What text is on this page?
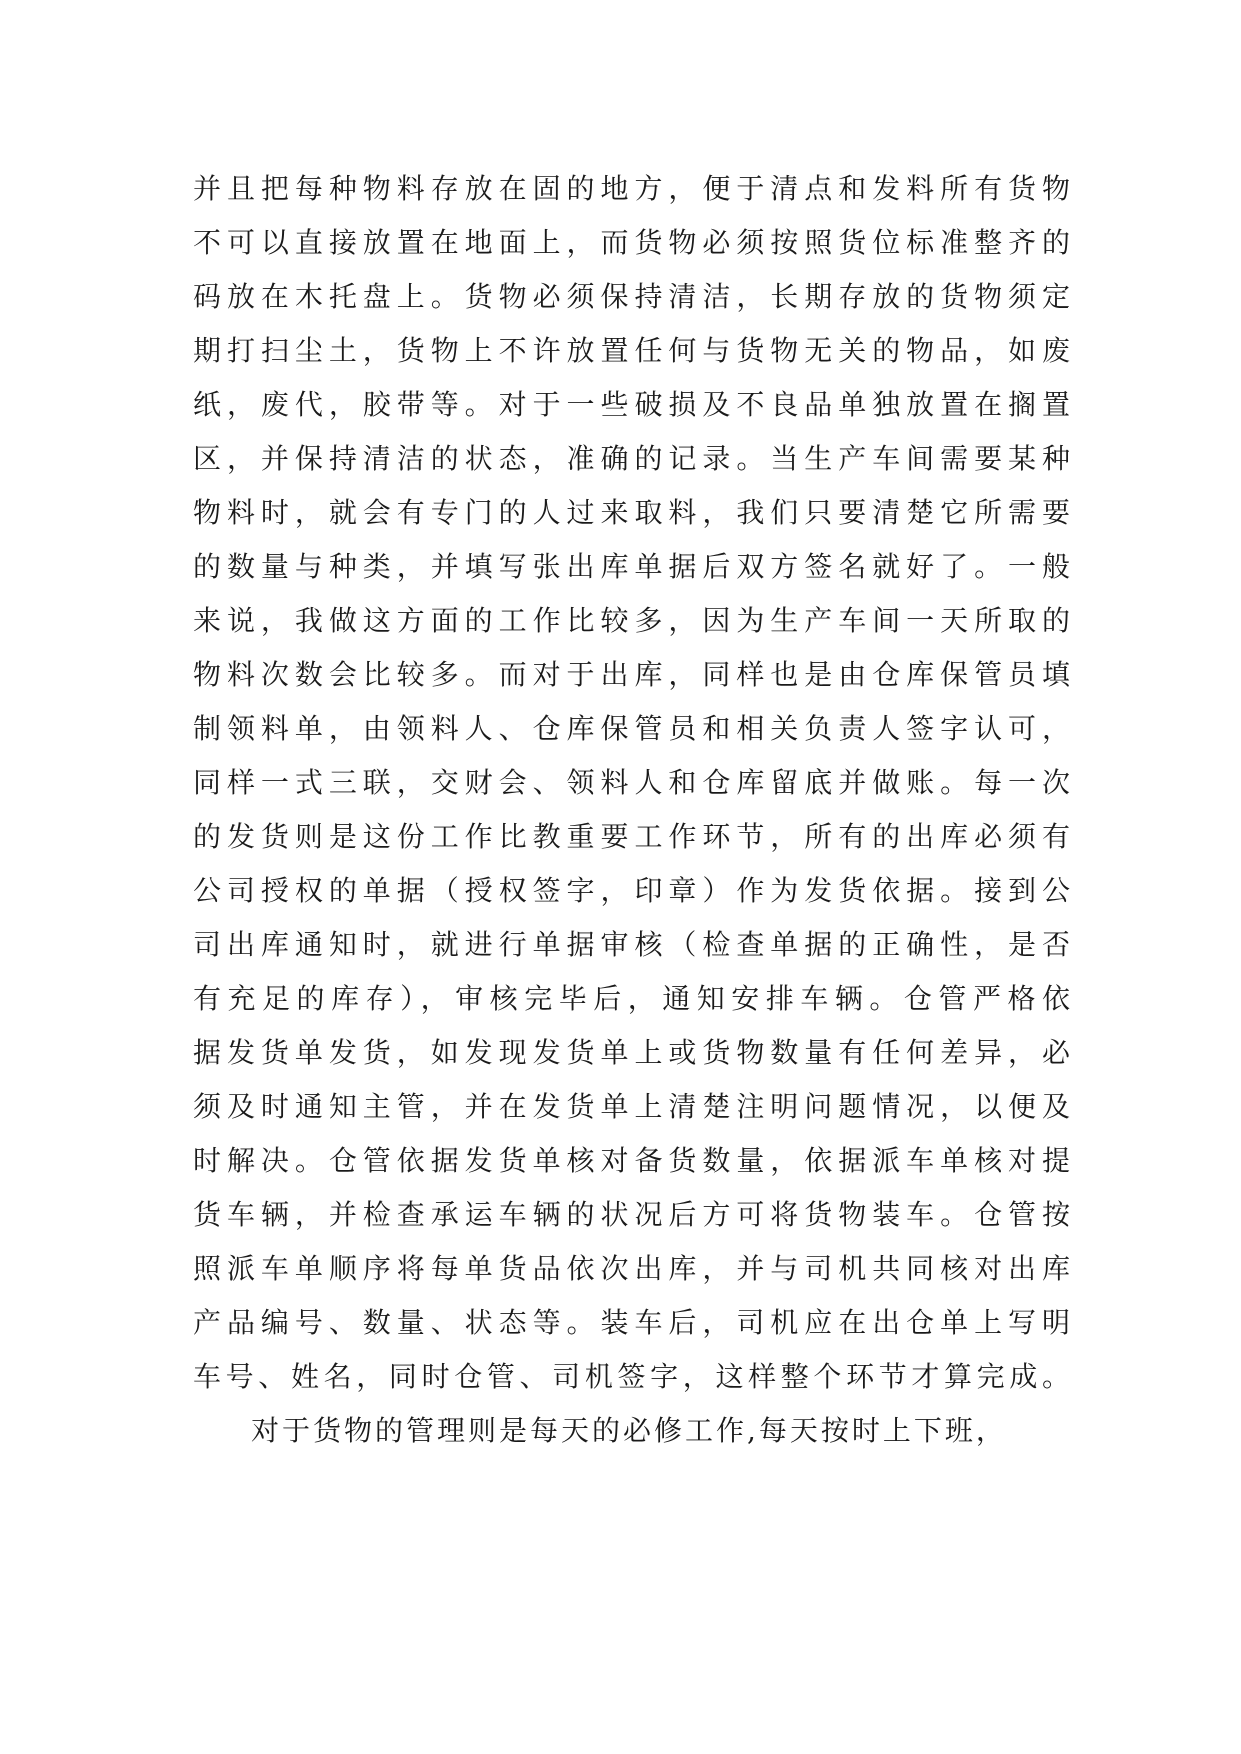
并且把每种物料存放在固的地方，便于清点和发料所有货物
不可以直接放置在地面上，而货物必须按照货位标准整齐的
码放在木托盘上。货物必须保持清洁，长期存放的货物须定
期打扫尘土，货物上不许放置任何与货物无关的物品，如废
纸，废代，胶带等。对于一些破损及不良品单独放置在搁置
区，并保持清洁的状态，准确的记录。当生产车间需要某种
物料时，就会有专门的人过来取料，我们只要清楚它所需要
的数量与种类，并填写张出库单据后双方签名就好了。一般
来说，我做这方面的工作比较多，因为生产车间一天所取的
物料次数会比较多。而对于出库，同样也是由仓库保管员填
制领料单，由领料人、仓库保管员和相关负责人签字认可，
同样一式三联，交财会、领料人和仓库留底并做账。每一次
的发货则是这份工作比教重要工作环节，所有的出库必须有
公司授权的单据（授权签字，印章）作为发货依据。接到公
司出库通知时，就进行单据审核（检查单据的正确性，是否
有充足的库存），审核完毕后，通知安排车辆。仓管严格依
据发货单发货，如发现发货单上或货物数量有任何差异，必
须及时通知主管，并在发货单上清楚注明问题情况，以便及
时解决。仓管依据发货单核对备货数量，依据派车单核对提
货车辆，并检查承运车辆的状况后方可将货物装车。仓管按
照派车单顺序将每单货品依次出库，并与司机共同核对出库
产品编号、数量、状态等。装车后，司机应在出仓单上写明
车号、姓名，同时仓管、司机签字，这样整个环节才算完成。
对于货物的管理则是每天的必修工作,每天按时上下班，
